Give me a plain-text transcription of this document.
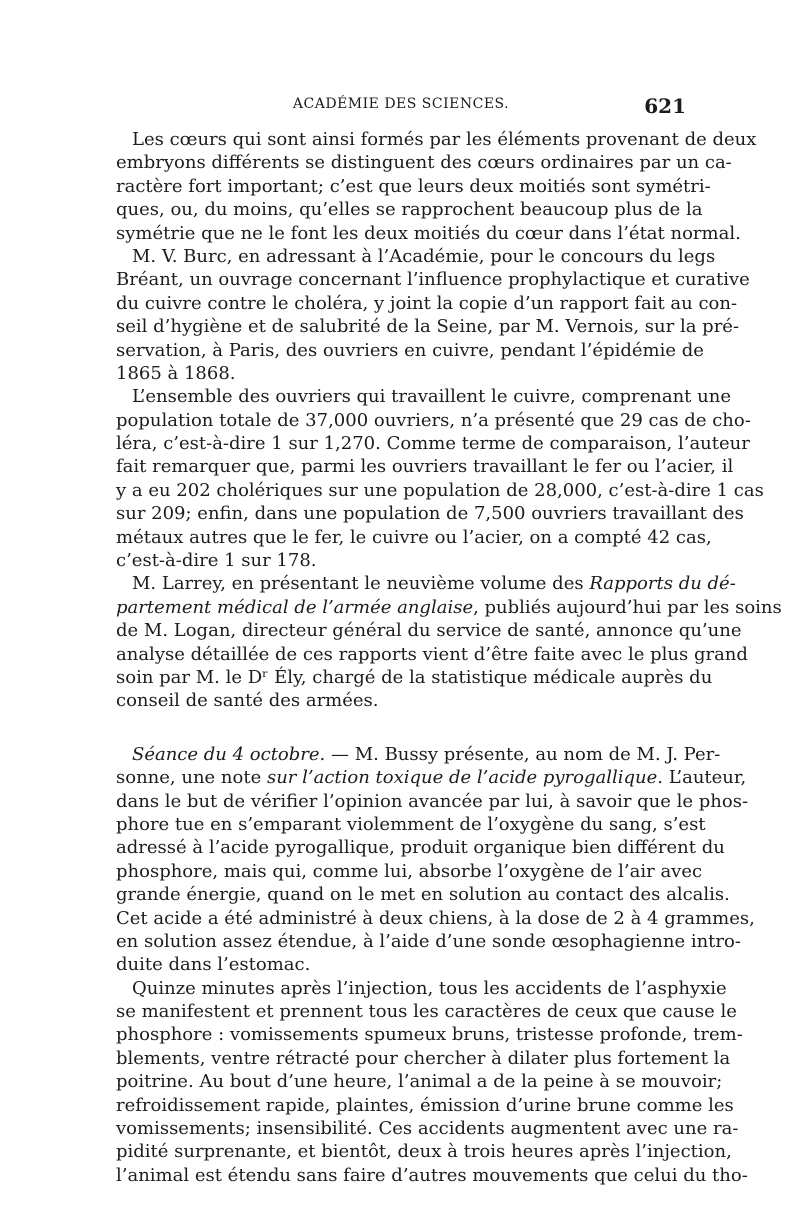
ACADÉMIE DES SCIENCES.	621
Les cœurs qui sont ainsi formés par les éléments provenant de deux
embryons différents se distinguent des cœurs ordinaires par un ca-
ractère fort important; c’est que leurs deux moitiés sont symétri-
ques, ou, du moins, qu’elles se rapprochent beaucoup plus de la
symétrie que ne le font les deux moitiés du cœur dans l’état normal.
M. V. Burc, en adressant à l’Académie, pour le concours du legs
Bréant, un ouvrage concernant l’influence prophylactique et curative
du cuivre contre le choléra, y joint la copie d’un rapport fait au con-
seil d’hygiène et de salubrité de la Seine, par M. Vernois, sur la pré-
servation, à Paris, des ouvriers en cuivre, pendant l’épidémie de
1865 à 1868.
L’ensemble des ouvriers qui travaillent le cuivre, comprenant une
population totale de 37,000 ouvriers, n’a présenté que 29 cas de cho-
léra, c’est-à-dire 1 sur 1,270. Comme terme de comparaison, l’auteur
fait remarquer que, parmi les ouvriers travaillant le fer ou l’acier, il
y a eu 202 cholériques sur une population de 28,000, c’est-à-dire 1 cas
sur 209; enfin, dans une population de 7,500 ouvriers travaillant des
métaux autres que le fer, le cuivre ou l’acier, on a compté 42 cas,
c’est-à-dire 1 sur 178.
M. Larrey, en présentant le neuvième volume des Rapports du dé-
partement médical de l’armée anglaise, publiés aujourd’hui par les soins
de M. Logan, directeur général du service de santé, annonce qu’une
analyse détaillée de ces rapports vient d’être faite avec le plus grand
soin par M. le Dʳ Ély, chargé de la statistique médicale auprès du
conseil de santé des armées.
Séance du 4 octobre. — M. Bussy présente, au nom de M. J. Per-
sonne, une note sur l’action toxique de l’acide pyrogallique. L’auteur,
dans le but de vérifier l’opinion avancée par lui, à savoir que le phos-
phore tue en s’emparant violemment de l’oxygène du sang, s’est
adressé à l’acide pyrogallique, produit organique bien différent du
phosphore, mais qui, comme lui, absorbe l’oxygène de l’air avec
grande énergie, quand on le met en solution au contact des alcalis.
Cet acide a été administré à deux chiens, à la dose de 2 à 4 grammes,
en solution assez étendue, à l’aide d’une sonde œsophagienne intro-
duite dans l’estomac.
Quinze minutes après l’injection, tous les accidents de l’asphyxie
se manifestent et prennent tous les caractères de ceux que cause le
phosphore : vomissements spumeux bruns, tristesse profonde, trem-
blements, ventre rétracté pour chercher à dilater plus fortement la
poitrine. Au bout d’une heure, l’animal a de la peine à se mouvoir;
refroidissement rapide, plaintes, émission d’urine brune comme les
vomissements; insensibilité. Ces accidents augmentent avec une ra-
pidité surprenante, et bientôt, deux à trois heures après l’injection,
l’animal est étendu sans faire d’autres mouvements que celui du tho-
